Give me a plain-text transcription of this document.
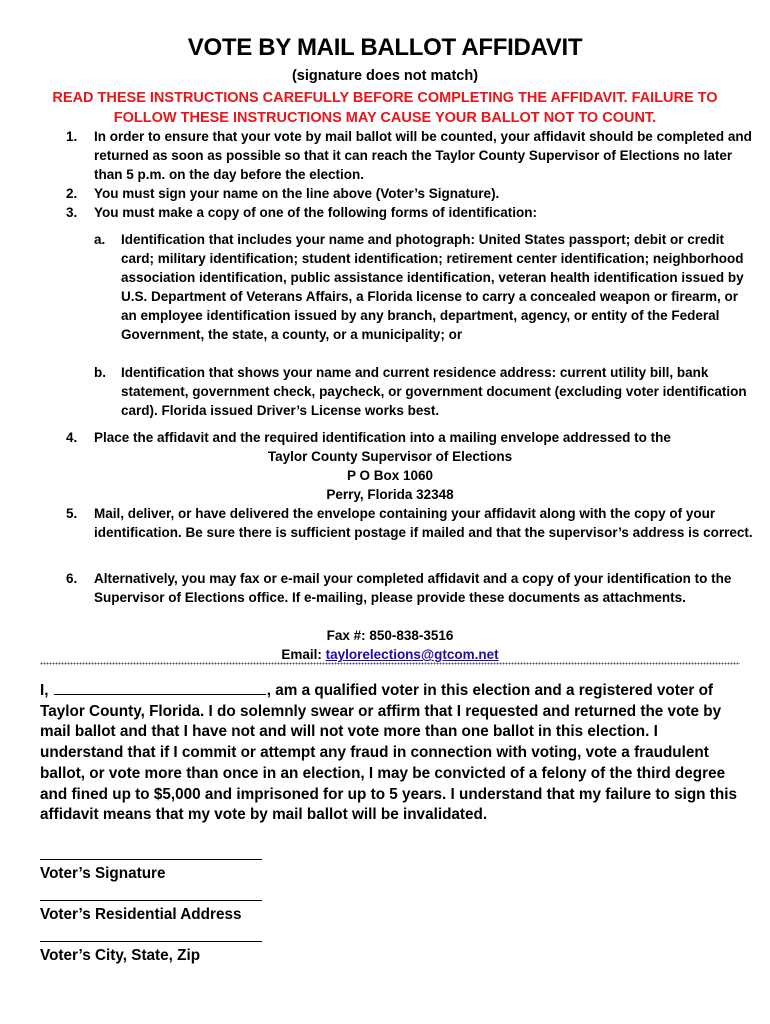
VOTE BY MAIL BALLOT AFFIDAVIT
(signature does not match)
READ THESE INSTRUCTIONS CAREFULLY BEFORE COMPLETING THE AFFIDAVIT. FAILURE TO
FOLLOW THESE INSTRUCTIONS MAY CAUSE YOUR BALLOT NOT TO COUNT.
1.	In order to ensure that your vote by mail ballot will be counted, your affidavit should be completed and returned as soon as possible so that it can reach the Taylor County Supervisor of Elections no later than 5 p.m. on the day before the election.
2.	You must sign your name on the line above (Voter’s Signature).
3.	You must make a copy of one of the following forms of identification:
a.	Identification that includes your name and photograph: United States passport; debit or credit card; military identification; student identification; retirement center identification; neighborhood association identification, public assistance identification, veteran health identification issued by U.S. Department of Veterans Affairs, a Florida license to carry a concealed weapon or firearm, or an employee identification issued by any branch, department, agency, or entity of the Federal Government, the state, a county, or a municipality; or
b.	Identification that shows your name and current residence address: current utility bill, bank statement, government check, paycheck, or government document (excluding voter identification card). Florida issued Driver’s License works best.
4.	Place the affidavit and the required identification into a mailing envelope addressed to the
Taylor County Supervisor of Elections
P O Box 1060
Perry, Florida 32348
5.	Mail, deliver, or have delivered the envelope containing your affidavit along with the copy of your identification. Be sure there is sufficient postage if mailed and that the supervisor’s address is correct.
6.	Alternatively, you may fax or e-mail your completed affidavit and a copy of your identification to the Supervisor of Elections office. If e-mailing, please provide these documents as attachments.
Fax #: 850-838-3516
Email: taylorelections@gtcom.net
I,	, am a qualified voter in this election and a registered voter of Taylor County, Florida. I do solemnly swear or affirm that I requested and returned the vote by mail ballot and that I have not and will not vote more than one ballot in this election. I understand that if I commit or attempt any fraud in connection with voting, vote a fraudulent ballot, or vote more than once in an election, I may be convicted of a felony of the third degree and fined up to $5,000 and imprisoned for up to 5 years. I understand that my failure to sign this affidavit means that my vote by mail ballot will be invalidated.
Voter’s Signature
Voter’s Residential Address
Voter’s City, State, Zip
